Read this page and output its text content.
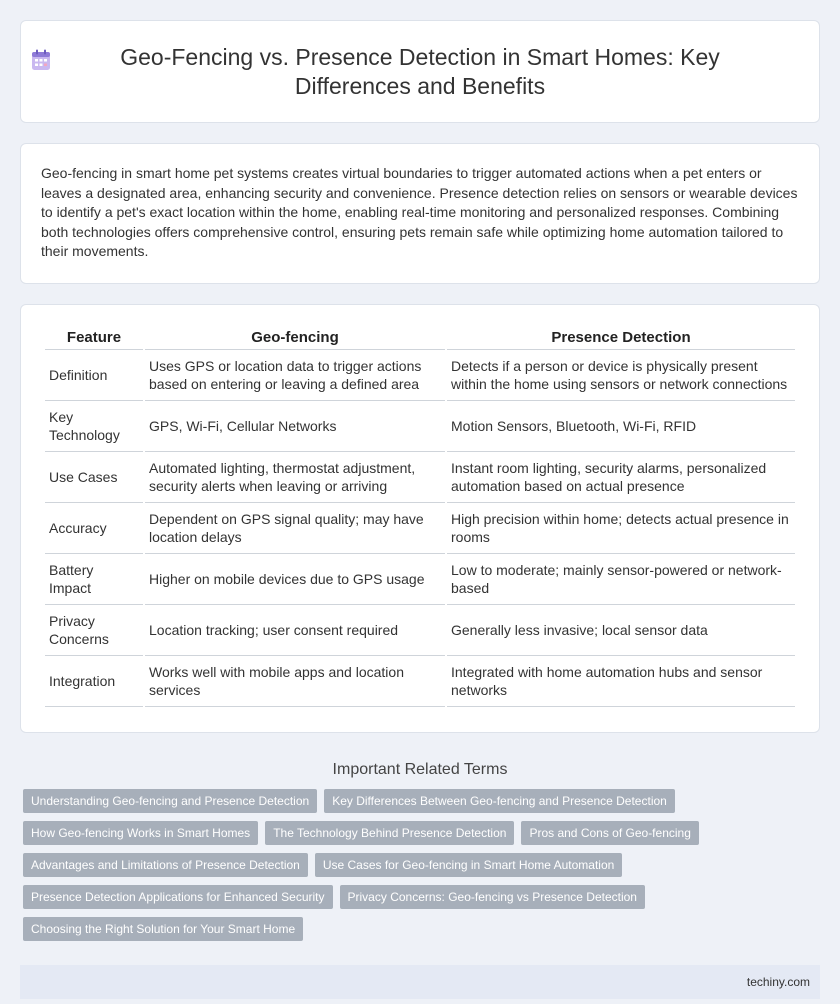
Geo-Fencing vs. Presence Detection in Smart Homes: Key Differences and Benefits

Geo-fencing in smart home pet systems creates virtual boundaries to trigger automated actions when a pet enters or leaves a designated area, enhancing security and convenience. Presence detection relies on sensors or wearable devices to identify a pet's exact location within the home, enabling real-time monitoring and personalized responses. Combining both technologies offers comprehensive control, ensuring pets remain safe while optimizing home automation tailored to their movements.

Feature	Geo-fencing	Presence Detection
Definition	Uses GPS or location data to trigger actions based on entering or leaving a defined area	Detects if a person or device is physically present within the home using sensors or network connections
Key Technology	GPS, Wi-Fi, Cellular Networks	Motion Sensors, Bluetooth, Wi-Fi, RFID
Use Cases	Automated lighting, thermostat adjustment, security alerts when leaving or arriving	Instant room lighting, security alarms, personalized automation based on actual presence
Accuracy	Dependent on GPS signal quality; may have location delays	High precision within home; detects actual presence in rooms
Battery Impact	Higher on mobile devices due to GPS usage	Low to moderate; mainly sensor-powered or network-based
Privacy Concerns	Location tracking; user consent required	Generally less invasive; local sensor data
Integration	Works well with mobile apps and location services	Integrated with home automation hubs and sensor networks
Important Related Terms
Understanding Geo-fencing and Presence Detection	Key Differences Between Geo-fencing and Presence Detection
How Geo-fencing Works in Smart Homes	The Technology Behind Presence Detection	Pros and Cons of Geo-fencing
Advantages and Limitations of Presence Detection	Use Cases for Geo-fencing in Smart Home Automation
Presence Detection Applications for Enhanced Security	Privacy Concerns: Geo-fencing vs Presence Detection
Choosing the Right Solution for Your Smart Home
techiny.com
